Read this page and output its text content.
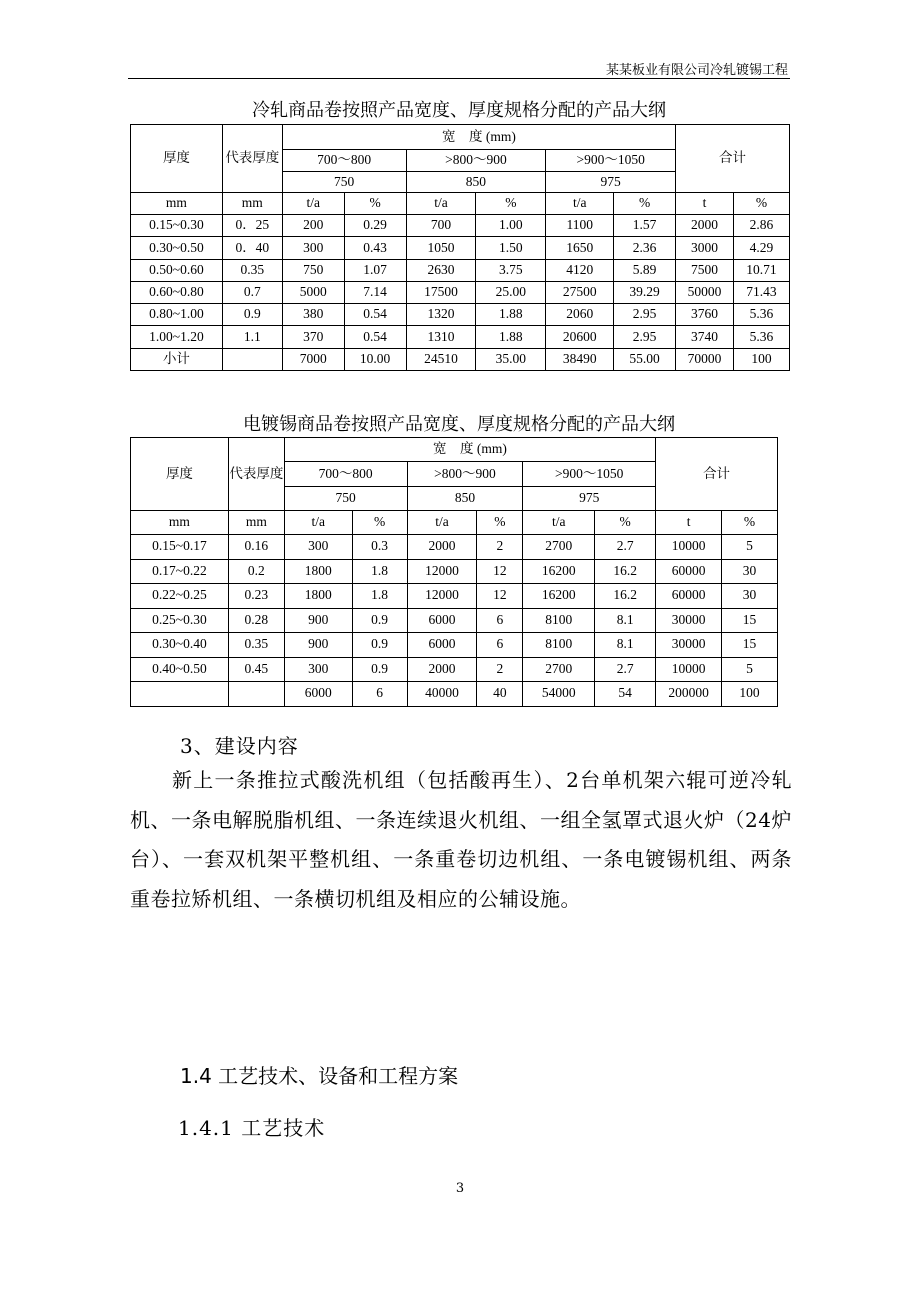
某某板业有限公司冷轧镀锡工程
冷轧商品卷按照产品宽度、厚度规格分配的产品大纲
厚度	代表厚度	宽　度 (mm)						合计	
		700～800		>800～900		>900～1050			
		750		850		975			
mm	mm	t/a	%	t/a	%	t/a	%	t	%
0.15~0.30	0．25	200	0.29	700	1.00	1100	1.57	2000	2.86
0.30~0.50	0．40	300	0.43	1050	1.50	1650	2.36	3000	4.29
0.50~0.60	0.35	750	1.07	2630	3.75	4120	5.89	7500	10.71
0.60~0.80	0.7	5000	7.14	17500	25.00	27500	39.29	50000	71.43
0.80~1.00	0.9	380	0.54	1320	1.88	2060	2.95	3760	5.36
1.00~1.20	1.1	370	0.54	1310	1.88	20600	2.95	3740	5.36
小计		7000	10.00	24510	35.00	38490	55.00	70000	100
电镀锡商品卷按照产品宽度、厚度规格分配的产品大纲
厚度	代表厚度	宽　度 (mm)						合计	
		700～800		>800～900		>900～1050			
		750		850		975			
mm	mm	t/a	%	t/a	%	t/a	%	t	%
0.15~0.17	0.16	300	0.3	2000	2	2700	2.7	10000	5
0.17~0.22	0.2	1800	1.8	12000	12	16200	16.2	60000	30
0.22~0.25	0.23	1800	1.8	12000	12	16200	16.2	60000	30
0.25~0.30	0.28	900	0.9	6000	6	8100	8.1	30000	15
0.30~0.40	0.35	900	0.9	6000	6	8100	8.1	30000	15
0.40~0.50	0.45	300	0.9	2000	2	2700	2.7	10000	5
		6000	6	40000	40	54000	54	200000	100
3、建设内容
新上一条推拉式酸洗机组（包括酸再生）、2台单机架六辊可逆冷轧机、一条电解脱脂机组、一条连续退火机组、一组全氢罩式退火炉（24炉台）、一套双机架平整机组、一条重卷切边机组、一条电镀锡机组、两条重卷拉矫机组、一条横切机组及相应的公辅设施。
1.4 工艺技术、设备和工程方案
1.4.1 工艺技术
3
